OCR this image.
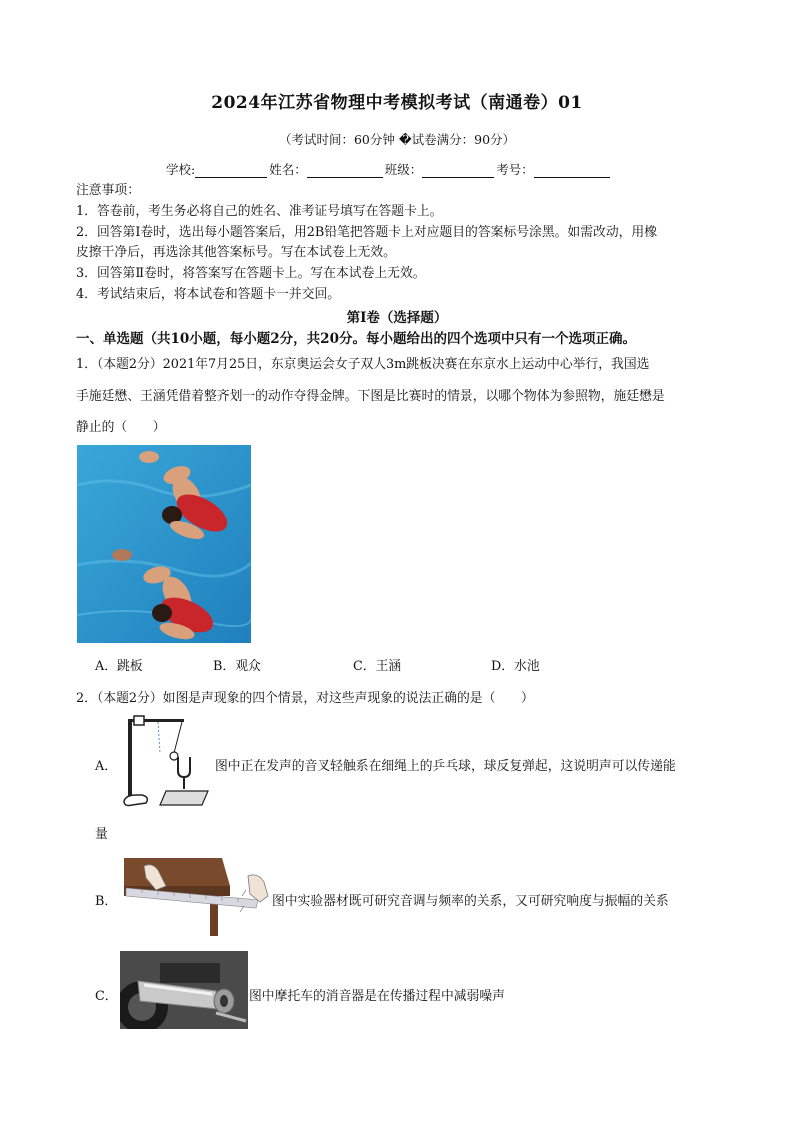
2024年江苏省物理中考模拟考试（南通卷）01
（考试时间：60分钟 �试卷满分：90分）
学校:	姓名：	班级：	考号：
注意事项：
1．答卷前，考生务必将自己的姓名、准考证号填写在答题卡上。
2．回答第Ⅰ卷时，选出每小题答案后，用2B铅笔把答题卡上对应题目的答案标号涂黑。如需改动，用橡
皮擦干净后，再选涂其他答案标号。写在本试卷上无效。
3．回答第Ⅱ卷时，将答案写在答题卡上。写在本试卷上无效。
4．考试结束后，将本试卷和答题卡一并交回。
第Ⅰ卷（选择题）
一、单选题（共10小题，每小题2分，共20分。每小题给出的四个选项中只有一个选项正确。
1．（本题2分）2021年7月25日，东京奥运会女子双人3m跳板决赛在东京水上运动中心举行，我国选
手施廷懋、王涵凭借着整齐划一的动作夺得金牌。下图是比赛时的情景，以哪个物体为参照物，施廷懋是
静止的（　　）
A．跳板	B．观众	C．王涵	D．水池
2．（本题2分）如图是声现象的四个情景，对这些声现象的说法正确的是（　　）
A．	图中正在发声的音叉轻触系在细绳上的乒乓球，球反复弹起，这说明声可以传递能
量
B．	图中实验器材既可研究音调与频率的关系，又可研究响度与振幅的关系
C．	图中摩托车的消音器是在传播过程中减弱噪声
